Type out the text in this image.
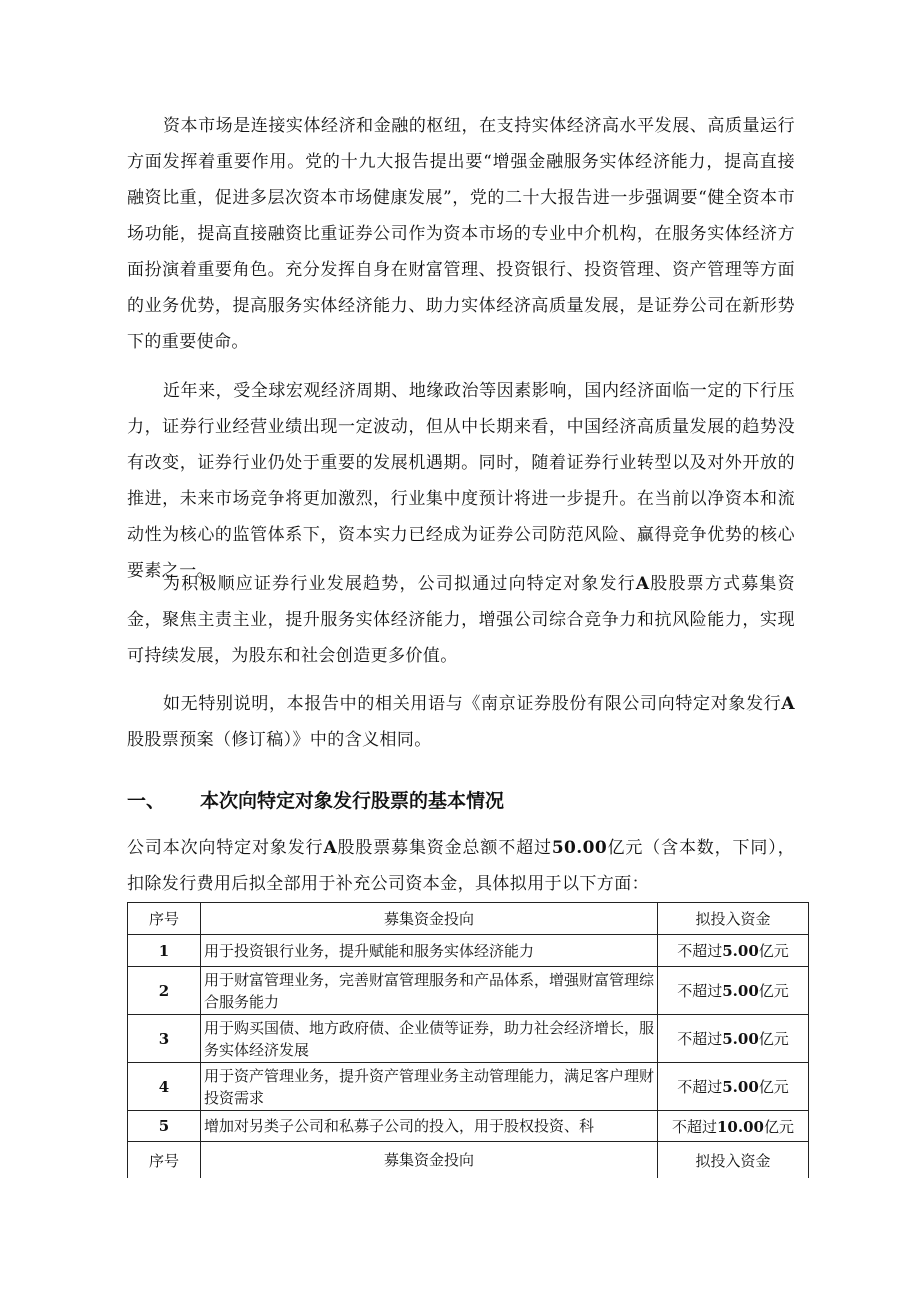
资本市场是连接实体经济和金融的枢纽，在支持实体经济高水平发展、高质量运行方面发挥着重要作用。党的十九大报告提出要“增强金融服务实体经济能力，提高直接融资比重，促进多层次资本市场健康发展”，党的二十大报告进一步强调要“健全资本市场功能，提高直接融资比重证券公司作为资本市场的专业中介机构，在服务实体经济方面扮演着重要角色。充分发挥自身在财富管理、投资银行、投资管理、资产管理等方面的业务优势，提高服务实体经济能力、助力实体经济高质量发展，是证券公司在新形势下的重要使命。

近年来，受全球宏观经济周期、地缘政治等因素影响，国内经济面临一定的下行压力，证券行业经营业绩出现一定波动，但从中长期来看，中国经济高质量发展的趋势没有改变，证券行业仍处于重要的发展机遇期。同时，随着证券行业转型以及对外开放的推进，未来市场竞争将更加激烈，行业集中度预计将进一步提升。在当前以净资本和流动性为核心的监管体系下，资本实力已经成为证券公司防范风险、赢得竞争优势的核心要素之一。

为积极顺应证券行业发展趋势，公司拟通过向特定对象发行A股股票方式募集资金，聚焦主责主业，提升服务实体经济能力，增强公司综合竞争力和抗风险能力，实现可持续发展，为股东和社会创造更多价值。

如无特别说明，本报告中的相关用语与《南京证券股份有限公司向特定对象发行A股股票预案（修订稿）》中的含义相同。

一、 本次向特定对象发行股票的基本情况

公司本次向特定对象发行A股股票募集资金总额不超过50.00亿元（含本数，下同），扣除发行费用后拟全部用于补充公司资本金，具体拟用于以下方面：

序号	募集资金投向	拟投入资金
1	用于投资银行业务，提升赋能和服务实体经济能力	不超过5.00亿元
2	用于财富管理业务，完善财富管理服务和产品体系，增强财富管理综合服务能力	不超过5.00亿元
3	用于购买国债、地方政府债、企业债等证券，助力社会经济增长，服务实体经济发展	不超过5.00亿元
4	用于资产管理业务，提升资产管理业务主动管理能力，满足客户理财投资需求	不超过5.00亿元
5	增加对另类子公司和私募子公司的投入，用于股权投资、科	不超过10.00亿元
序号	募集资金投向	拟投入资金
